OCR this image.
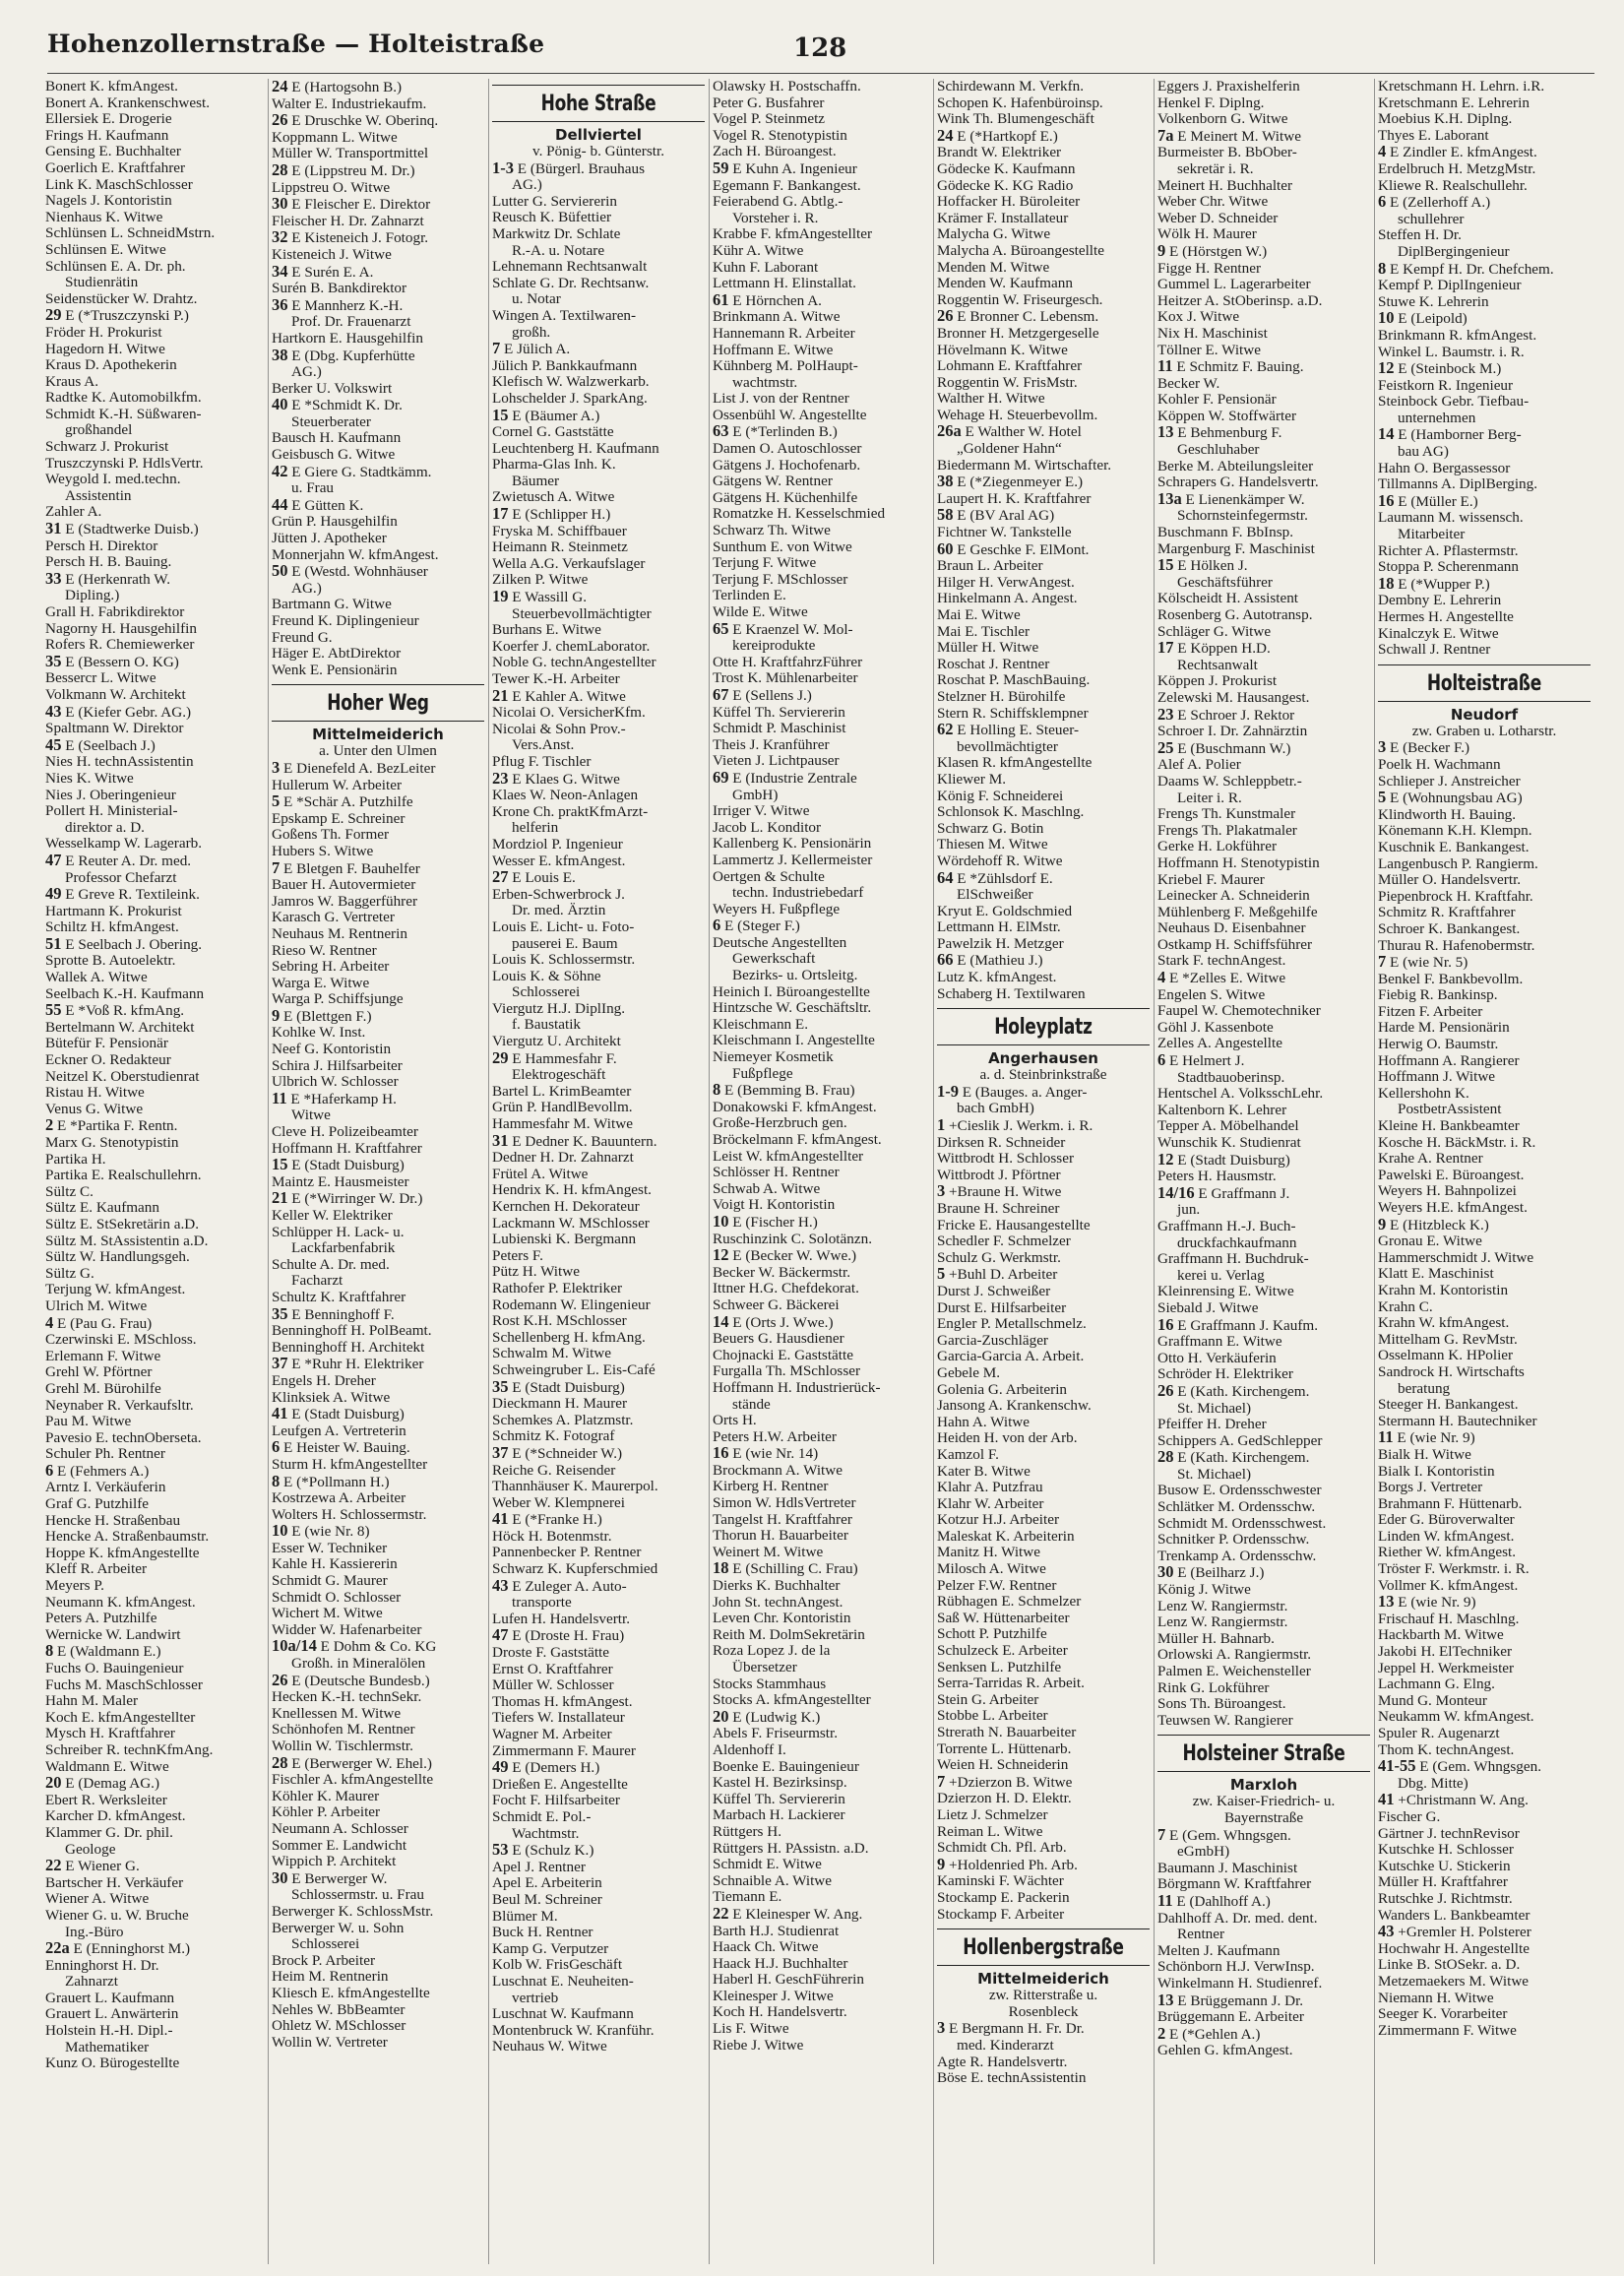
Hohenzollernstraße — Holteistraße	128
Bonert K. kfmAngest.
Bonert A. Krankenschwest.
Ellersiek E. Drogerie
Frings H. Kaufmann
Gensing E. Buchhalter
Goerlich E. Kraftfahrer
Link K. MaschSchlosser
Nagels J. Kontoristin
Nienhaus K. Witwe
Schlünsen L. SchneidMstrn.
Schlünsen E. Witwe
Schlünsen E. A. Dr. ph.
Studienrätin
Seidenstücker W. Drahtz.
29 E (*Truszczynski P.)
Fröder H. Prokurist
Hagedorn H. Witwe
Kraus D. Apothekerin
Kraus A.
Radtke K. Automobilkfm.
Schmidt K.-H. Süßwaren-
großhandel
Schwarz J. Prokurist
Truszczynski P. HdlsVertr.
Weygold I. med.techn.
Assistentin
Zahler A.
31 E (Stadtwerke Duisb.)
Persch H. Direktor
Persch H. B. Bauing.
33 E (Herkenrath W.
Dipling.)
Grall H. Fabrikdirektor
Nagorny H. Hausgehilfin
Rofers R. Chemiewerker
35 E (Bessern O. KG)
Bessercr L. Witwe
Volkmann W. Architekt
43 E (Kiefer Gebr. AG.)
Spaltmann W. Direktor
45 E (Seelbach J.)
Nies H. technAssistentin
Nies K. Witwe
Nies J. Oberingenieur
Pollert H. Ministerial-
direktor a. D.
Wesselkamp W. Lagerarb.
47 E Reuter A. Dr. med.
Professor Chefarzt
49 E Greve R. Textileink.
Hartmann K. Prokurist
Schiltz H. kfmAngest.
51 E Seelbach J. Obering.
Sprotte B. Autoelektr.
Wallek A. Witwe
Seelbach K.-H. Kaufmann
55 E *Voß R. kfmAng.
Bertelmann W. Architekt
Bütefür F. Pensionär
Eckner O. Redakteur
Neitzel K. Oberstudienrat
Ristau H. Witwe
Venus G. Witwe
2 E *Partika F. Rentn.
Marx G. Stenotypistin
Partika H.
Partika E. Realschullehrn.
Sültz C.
Sültz E. Kaufmann
Sültz E. StSekretärin a.D.
Sültz M. StAssistentin a.D.
Sültz W. Handlungsgeh.
Sültz G.
Terjung W. kfmAngest.
Ulrich M. Witwe
4 E (Pau G. Frau)
Czerwinski E. MSchloss.
Erlemann F. Witwe
Grehl W. Pförtner
Grehl M. Bürohilfe
Neynaber R. Verkaufsltr.
Pau M. Witwe
Pavesio E. technOberseta.
Schuler Ph. Rentner
6 E (Fehmers A.)
Arntz I. Verkäuferin
Graf G. Putzhilfe
Hencke H. Straßenbau
Hencke A. Straßenbaumstr.
Hoppe K. kfmAngestellte
Kleff R. Arbeiter
Meyers P.
Neumann K. kfmAngest.
Peters A. Putzhilfe
Wernicke W. Landwirt
8 E (Waldmann E.)
Fuchs O. Bauingenieur
Fuchs M. MaschSchlosser
Hahn M. Maler
Koch E. kfmAngestellter
Mysch H. Kraftfahrer
Schreiber R. technKfmAng.
Waldmann E. Witwe
20 E (Demag AG.)
Ebert R. Werksleiter
Karcher D. kfmAngest.
Klammer G. Dr. phil.
Geologe
22 E Wiener G.
Bartscher H. Verkäufer
Wiener A. Witwe
Wiener G. u. W. Bruche
Ing.-Büro
22a E (Enninghorst M.)
Enninghorst H. Dr.
Zahnarzt
Grauert L. Kaufmann
Grauert L. Anwärterin
Holstein H.-H. Dipl.-
Mathematiker
Kunz O. Bürogestellte
24 E (Hartogsohn B.)
Walter E. Industriekaufm.
26 E Druschke W. Oberinq.
Koppmann L. Witwe
Müller W. Transportmittel
28 E (Lippstreu M. Dr.)
Lippstreu O. Witwe
30 E Fleischer E. Direktor
Fleischer H. Dr. Zahnarzt
32 E Kisteneich J. Fotogr.
Kisteneich J. Witwe
34 E Surén E. A.
Surén B. Bankdirektor
36 E Mannherz K.-H.
Prof. Dr. Frauenarzt
Hartkorn E. Hausgehilfin
38 E (Dbg. Kupferhütte
AG.)
Berker U. Volkswirt
40 E *Schmidt K. Dr.
Steuerberater
Bausch H. Kaufmann
Geisbusch G. Witwe
42 E Giere G. Stadtkämm.
u. Frau
44 E Gütten K.
Grün P. Hausgehilfin
Jütten J. Apotheker
Monnerjahn W. kfmAngest.
50 E (Westd. Wohnhäuser
AG.)
Bartmann G. Witwe
Freund K. Diplingenieur
Freund G.
Häger E. AbtDirektor
Wenk E. Pensionärin
Hoher Weg
Mittelmeiderich
a. Unter den Ulmen
3 E Dienefeld A. BezLeiter
Hullerum W. Arbeiter
5 E *Schär A. Putzhilfe
Epskamp E. Schreiner
Goßens Th. Former
Hubers S. Witwe
7 E Bletgen F. Bauhelfer
Bauer H. Autovermieter
Jamros W. Baggerführer
Karasch G. Vertreter
Neuhaus M. Rentnerin
Rieso W. Rentner
Sebring H. Arbeiter
Warga E. Witwe
Warga P. Schiffsjunge
9 E (Blettgen F.)
Kohlke W. Inst.
Neef G. Kontoristin
Schira J. Hilfsarbeiter
Ulbrich W. Schlosser
11 E *Haferkamp H.
Witwe
Cleve H. Polizeibeamter
Hoffmann H. Kraftfahrer
15 E (Stadt Duisburg)
Maintz E. Hausmeister
21 E (*Wirringer W. Dr.)
Keller W. Elektriker
Schlüpper H. Lack- u.
Lackfarbenfabrik
Schulte A. Dr. med.
Facharzt
Schultz K. Kraftfahrer
35 E Benninghoff F.
Benninghoff H. PolBeamt.
Benninghoff H. Architekt
37 E *Ruhr H. Elektriker
Engels H. Dreher
Klinksiek A. Witwe
41 E (Stadt Duisburg)
Leufgen A. Vertreterin
6 E Heister W. Bauing.
Sturm H. kfmAngestellter
8 E (*Pollmann H.)
Kostrzewa A. Arbeiter
Wolters H. Schlossermstr.
10 E (wie Nr. 8)
Esser W. Techniker
Kahle H. Kassiererin
Schmidt G. Maurer
Schmidt O. Schlosser
Wichert M. Witwe
Widder W. Hafenarbeiter
10a/14 E Dohm & Co. KG
Großh. in Mineralölen
26 E (Deutsche Bundesb.)
Hecken K.-H. technSekr.
Knellessen M. Witwe
Schönhofen M. Rentner
Wollin W. Tischlermstr.
28 E (Berwerger W. Ehel.)
Fischler A. kfmAngestellte
Köhler K. Maurer
Köhler P. Arbeiter
Neumann A. Schlosser
Sommer E. Landwicht
Wippich P. Architekt
30 E Berwerger W.
Schlossermstr. u. Frau
Berwerger K. SchlossMstr.
Berwerger W. u. Sohn
Schlosserei
Brock P. Arbeiter
Heim M. Rentnerin
Kliesch E. kfmAngestellte
Nehles W. BbBeamter
Ohletz W. MSchlosser
Wollin W. Vertreter
Hohe Straße
Dellviertel
v. Pönig- b. Günterstr.
1-3 E (Bürgerl. Brauhaus
AG.)
Lutter G. Serviererin
Reusch K. Büfettier
Markwitz Dr. Schlate
R.-A. u. Notare
Lehnemann Rechtsanwalt
Schlate G. Dr. Rechtsanw.
u. Notar
Wingen A. Textilwaren-
großh.
7 E Jülich A.
Jülich P. Bankkaufmann
Klefisch W. Walzwerkarb.
Lohschelder J. SparkAng.
15 E (Bäumer A.)
Cornel G. Gaststätte
Leuchtenberg H. Kaufmann
Pharma-Glas Inh. K.
Bäumer
Zwietusch A. Witwe
17 E (Schlipper H.)
Fryska M. Schiffbauer
Heimann R. Steinmetz
Wella A.G. Verkaufslager
Zilken P. Witwe
19 E Wassill G.
Steuerbevollmächtigter
Burhans E. Witwe
Koerfer J. chemLaborator.
Noble G. technAngestellter
Tewer K.-H. Arbeiter
21 E Kahler A. Witwe
Nicolai O. VersicherKfm.
Nicolai & Sohn Prov.-
Vers.Anst.
Pflug F. Tischler
23 E Klaes G. Witwe
Klaes W. Neon-Anlagen
Krone Ch. praktKfmArzt-
helferin
Mordziol P. Ingenieur
Wesser E. kfmAngest.
27 E Louis E.
Erben-Schwerbrock J.
Dr. med. Ärztin
Louis E. Licht- u. Foto-
pauserei E. Baum
Louis K. Schlossermstr.
Louis K. & Söhne
Schlosserei
Viergutz H.J. DiplIng.
f. Baustatik
Viergutz U. Architekt
29 E Hammesfahr F.
Elektrogeschäft
Bartel L. KrimBeamter
Grün P. HandlBevollm.
Hammesfahr M. Witwe
31 E Dedner K. Bauuntern.
Dedner H. Dr. Zahnarzt
Frütel A. Witwe
Hendrix K. H. kfmAngest.
Kernchen H. Dekorateur
Lackmann W. MSchlosser
Lubienski K. Bergmann
Peters F.
Pütz H. Witwe
Rathofer P. Elektriker
Rodemann W. Elingenieur
Rost K.H. MSchlosser
Schellenberg H. kfmAng.
Schwalm M. Witwe
Schweingruber L. Eis-Café
35 E (Stadt Duisburg)
Dieckmann H. Maurer
Schemkes A. Platzmstr.
Schmitz K. Fotograf
37 E (*Schneider W.)
Reiche G. Reisender
Thannhäuser K. Maurerpol.
Weber W. Klempnerei
41 E (*Franke H.)
Höck H. Botenmstr.
Pannenbecker P. Rentner
Schwarz K. Kupferschmied
43 E Zuleger A. Auto-
transporte
Lufen H. Handelsvertr.
47 E (Droste H. Frau)
Droste F. Gaststätte
Ernst O. Kraftfahrer
Müller W. Schlosser
Thomas H. kfmAngest.
Tiefers W. Installateur
Wagner M. Arbeiter
Zimmermann F. Maurer
49 E (Demers H.)
Drießen E. Angestellte
Focht F. Hilfsarbeiter
Schmidt E. Pol.-
Wachtmstr.
53 E (Schulz K.)
Apel J. Rentner
Apel E. Arbeiterin
Beul M. Schreiner
Blümer M.
Buck H. Rentner
Kamp G. Verputzer
Kolb W. FrisGeschäft
Luschnat E. Neuheiten-
vertrieb
Luschnat W. Kaufmann
Montenbruck W. Kranführ.
Neuhaus W. Witwe
Olawsky H. Postschaffn.
Peter G. Busfahrer
Vogel P. Steinmetz
Vogel R. Stenotypistin
Zach H. Büroangest.
59 E Kuhn A. Ingenieur
Egemann F. Bankangest.
Feierabend G. Abtlg.-
Vorsteher i. R.
Krabbe F. kfmAngestellter
Kühr A. Witwe
Kuhn F. Laborant
Lettmann H. Elinstallat.
61 E Hörnchen A.
Brinkmann A. Witwe
Hannemann R. Arbeiter
Hoffmann E. Witwe
Kühnberg M. PolHaupt-
wachtmstr.
List J. von der Rentner
Ossenbühl W. Angestellte
63 E (*Terlinden B.)
Damen O. Autoschlosser
Gätgens J. Hochofenarb.
Gätgens W. Rentner
Gätgens H. Küchenhilfe
Romatzke H. Kesselschmied
Schwarz Th. Witwe
Sunthum E. von Witwe
Terjung F. Witwe
Terjung F. MSchlosser
Terlinden E.
Wilde E. Witwe
65 E Kraenzel W. Mol-
kereiprodukte
Otte H. KraftfahrzFührer
Trost K. Mühlenarbeiter
67 E (Sellens J.)
Küffel Th. Serviererin
Schmidt P. Maschinist
Theis J. Kranführer
Vieten J. Lichtpauser
69 E (Industrie Zentrale
GmbH)
Irriger V. Witwe
Jacob L. Konditor
Kallenberg K. Pensionärin
Lammertz J. Kellermeister
Oertgen & Schulte
techn. Industriebedarf
Weyers H. Fußpflege
6 E (Steger F.)
Deutsche Angestellten
Gewerkschaft
Bezirks- u. Ortsleitg.
Heinich I. Büroangestellte
Hintzsche W. Geschäftsltr.
Kleischmann E.
Kleischmann I. Angestellte
Niemeyer Kosmetik
Fußpflege
8 E (Bemming B. Frau)
Donakowski F. kfmAngest.
Große-Herzbruch gen.
Bröckelmann F. kfmAngest.
Leist W. kfmAngestellter
Schlösser H. Rentner
Schwab A. Witwe
Voigt H. Kontoristin
10 E (Fischer H.)
Ruschinzink C. Solotänzn.
12 E (Becker W. Wwe.)
Becker W. Bäckermstr.
Ittner H.G. Chefdekorat.
Schweer G. Bäckerei
14 E (Orts J. Wwe.)
Beuers G. Hausdiener
Chojnacki E. Gaststätte
Furgalla Th. MSchlosser
Hoffmann H. Industrierück-
stände
Orts H.
Peters H.W. Arbeiter
16 E (wie Nr. 14)
Brockmann A. Witwe
Kirberg H. Rentner
Simon W. HdlsVertreter
Tangelst H. Kraftfahrer
Thorun H. Bauarbeiter
Weinert M. Witwe
18 E (Schilling C. Frau)
Dierks K. Buchhalter
John St. technAngest.
Leven Chr. Kontoristin
Reith M. DolmSekretärin
Roza Lopez J. de la
Übersetzer
Stocks Stammhaus
Stocks A. kfmAngestellter
20 E (Ludwig K.)
Abels F. Friseurmstr.
Aldenhoff I.
Boenke E. Bauingenieur
Kastel H. Bezirksinsp.
Küffel Th. Serviererin
Marbach H. Lackierer
Rüttgers H.
Rüttgers H. PAssistn. a.D.
Schmidt E. Witwe
Schnaible A. Witwe
Tiemann E.
22 E Kleinesper W. Ang.
Barth H.J. Studienrat
Haack Ch. Witwe
Haack H.J. Buchhalter
Haberl H. GeschFührerin
Kleinesper J. Witwe
Koch H. Handelsvertr.
Lis F. Witwe
Riebe J. Witwe
Schirdewann M. Verkfn.
Schopen K. Hafenbüroinsp.
Wink Th. Blumengeschäft
24 E (*Hartkopf E.)
Brandt W. Elektriker
Gödecke K. Kaufmann
Gödecke K. KG Radio
Hoffacker H. Büroleiter
Krämer F. Installateur
Malycha G. Witwe
Malycha A. Büroangestellte
Menden M. Witwe
Menden W. Kaufmann
Roggentin W. Friseurgesch.
26 E Bronner C. Lebensm.
Bronner H. Metzgergeselle
Hövelmann K. Witwe
Lohmann E. Kraftfahrer
Roggentin W. FrisMstr.
Walther H. Witwe
Wehage H. Steuerbevollm.
26a E Walther W. Hotel
„Goldener Hahn“
Biedermann M. Wirtschafter.
38 E (*Ziegenmeyer E.)
Laupert H. K. Kraftfahrer
58 E (BV Aral AG)
Fichtner W. Tankstelle
60 E Geschke F. ElMont.
Braun L. Arbeiter
Hilger H. VerwAngest.
Hinkelmann A. Angest.
Mai E. Witwe
Mai E. Tischler
Müller H. Witwe
Roschat J. Rentner
Roschat P. MaschBauing.
Stelzner H. Bürohilfe
Stern R. Schiffsklempner
62 E Holling E. Steuer-
bevollmächtigter
Klasen R. kfmAngestellte
Kliewer M.
König F. Schneiderei
Schlonsok K. Maschlng.
Schwarz G. Botin
Thiesen M. Witwe
Wördehoff R. Witwe
64 E *Zühlsdorf E.
ElSchweißer
Kryut E. Goldschmied
Lettmann H. ElMstr.
Pawelzik H. Metzger
66 E (Mathieu J.)
Lutz K. kfmAngest.
Schaberg H. Textilwaren
Holeyplatz
Angerhausen
a. d. Steinbrinkstraße
1-9 E (Bauges. a. Anger-
bach GmbH)
1 +Cieslik J. Werkm. i. R.
Dirksen R. Schneider
Wittbrodt H. Schlosser
Wittbrodt J. Pförtner
3 +Braune H. Witwe
Braune H. Schreiner
Fricke E. Hausangestellte
Schedler F. Schmelzer
Schulz G. Werkmstr.
5 +Buhl D. Arbeiter
Durst J. Schweißer
Durst E. Hilfsarbeiter
Engler P. Metallschmelz.
Garcia-Zuschläger
Garcia-Garcia A. Arbeit.
Gebele M.
Golenia G. Arbeiterin
Jansong A. Krankenschw.
Hahn A. Witwe
Heiden H. von der Arb.
Kamzol F.
Kater B. Witwe
Klahr A. Putzfrau
Klahr W. Arbeiter
Kotzur H.J. Arbeiter
Maleskat K. Arbeiterin
Manitz H. Witwe
Milosch A. Witwe
Pelzer F.W. Rentner
Rübhagen E. Schmelzer
Saß W. Hüttenarbeiter
Schott P. Putzhilfe
Schulzeck E. Arbeiter
Senksen L. Putzhilfe
Serra-Tarridas R. Arbeit.
Stein G. Arbeiter
Stobbe L. Arbeiter
Strerath N. Bauarbeiter
Torrente L. Hüttenarb.
Weien H. Schneiderin
7 +Dzierzon B. Witwe
Dzierzon H. D. Elektr.
Lietz J. Schmelzer
Reiman L. Witwe
Schmidt Ch. Pfl. Arb.
9 +Holdenried Ph. Arb.
Kaminski F. Wächter
Stockamp E. Packerin
Stockamp F. Arbeiter
Hollenbergstraße
Mittelmeiderich
zw. Ritterstraße u.
Rosenbleck
3 E Bergmann H. Fr. Dr.
med. Kinderarzt
Agte R. Handelsvertr.
Böse E. technAssistentin
Eggers J. Praxishelferin
Henkel F. Diplng.
Volkenborn G. Witwe
7a E Meinert M. Witwe
Burmeister B. BbOber-
sekretär i. R.
Meinert H. Buchhalter
Weber Chr. Witwe
Weber D. Schneider
Wölk H. Maurer
9 E (Hörstgen W.)
Figge H. Rentner
Gummel L. Lagerarbeiter
Heitzer A. StOberinsp. a.D.
Kox J. Witwe
Nix H. Maschinist
Töllner E. Witwe
11 E Schmitz F. Bauing.
Becker W.
Kohler F. Pensionär
Köppen W. Stoffwärter
13 E Behmenburg F.
Geschluhaber
Berke M. Abteilungsleiter
Schrapers G. Handelsvertr.
13a E Lienenkämper W.
Schornsteinfegermstr.
Buschmann F. BbInsp.
Margenburg F. Maschinist
15 E Hölken J.
Geschäftsführer
Kölscheidt H. Assistent
Rosenberg G. Autotransp.
Schläger G. Witwe
17 E Köppen H.D.
Rechtsanwalt
Köppen J. Prokurist
Zelewski M. Hausangest.
23 E Schroer J. Rektor
Schroer I. Dr. Zahnärztin
25 E (Buschmann W.)
Alef A. Polier
Daams W. Schleppbetr.-
Leiter i. R.
Frengs Th. Kunstmaler
Frengs Th. Plakatmaler
Gerke H. Lokführer
Hoffmann H. Stenotypistin
Kriebel F. Maurer
Leinecker A. Schneiderin
Mühlenberg F. Meßgehilfe
Neuhaus D. Eisenbahner
Ostkamp H. Schiffsführer
Stark F. technAngest.
4 E *Zelles E. Witwe
Engelen S. Witwe
Faupel W. Chemotechniker
Göhl J. Kassenbote
Zelles A. Angestellte
6 E Helmert J.
Stadtbauoberinsp.
Hentschel A. VolksschLehr.
Kaltenborn K. Lehrer
Tepper A. Möbelhandel
Wunschik K. Studienrat
12 E (Stadt Duisburg)
Peters H. Hausmstr.
14/16 E Graffmann J.
jun.
Graffmann H.-J. Buch-
druckfachkaufmann
Graffmann H. Buchdruk-
kerei u. Verlag
Kleinrensing E. Witwe
Siebald J. Witwe
16 E Graffmann J. Kaufm.
Graffmann E. Witwe
Otto H. Verkäuferin
Schröder H. Elektriker
26 E (Kath. Kirchengem.
St. Michael)
Pfeiffer H. Dreher
Schippers A. GedSchlepper
28 E (Kath. Kirchengem.
St. Michael)
Busow E. Ordensschwester
Schlätker M. Ordensschw.
Schmidt M. Ordensschwest.
Schnitker P. Ordensschw.
Trenkamp A. Ordensschw.
30 E (Beilharz J.)
König J. Witwe
Lenz W. Rangiermstr.
Lenz W. Rangiermstr.
Müller H. Bahnarb.
Orlowski A. Rangiermstr.
Palmen E. Weichensteller
Rink G. Lokführer
Sons Th. Büroangest.
Teuwsen W. Rangierer
Holsteiner Straße
Marxloh
zw. Kaiser-Friedrich- u.
Bayernstraße
7 E (Gem. Whngsgen.
eGmbH)
Baumann J. Maschinist
Börgmann W. Kraftfahrer
11 E (Dahlhoff A.)
Dahlhoff A. Dr. med. dent.
Rentner
Melten J. Kaufmann
Schönborn H.J. VerwInsp.
Winkelmann H. Studienref.
13 E Brüggemann J. Dr.
Brüggemann E. Arbeiter
2 E (*Gehlen A.)
Gehlen G. kfmAngest.
Kretschmann H. Lehrn. i.R.
Kretschmann E. Lehrerin
Moebius K.H. Diplng.
Thyes E. Laborant
4 E Zindler E. kfmAngest.
Erdelbruch H. MetzgMstr.
Kliewe R. Realschullehr.
6 E (Zellerhoff A.)
schullehrer
Steffen H. Dr.
DiplBergingenieur
8 E Kempf H. Dr. Chefchem.
Kempf P. DiplIngenieur
Stuwe K. Lehrerin
10 E (Leipold)
Brinkmann R. kfmAngest.
Winkel L. Baumstr. i. R.
12 E (Steinbock M.)
Feistkorn R. Ingenieur
Steinbock Gebr. Tiefbau-
unternehmen
14 E (Hamborner Berg-
bau AG)
Hahn O. Bergassessor
Tillmanns A. DiplBerging.
16 E (Müller E.)
Laumann M. wissensch.
Mitarbeiter
Richter A. Pflastermstr.
Stoppa P. Scherenmann
18 E (*Wupper P.)
Dembny E. Lehrerin
Hermes H. Angestellte
Kinalczyk E. Witwe
Schwall J. Rentner
Holteistraße
Neudorf
zw. Graben u. Lotharstr.
3 E (Becker F.)
Poelk H. Wachmann
Schlieper J. Anstreicher
5 E (Wohnungsbau AG)
Klindworth H. Bauing.
Könemann K.H. Klempn.
Kuschnik E. Bankangest.
Langenbusch P. Rangierm.
Müller O. Handelsvertr.
Piepenbrock H. Kraftfahr.
Schmitz R. Kraftfahrer
Schroer K. Bankangest.
Thurau R. Hafenobermstr.
7 E (wie Nr. 5)
Benkel F. Bankbevollm.
Fiebig R. Bankinsp.
Fitzen F. Arbeiter
Harde M. Pensionärin
Herwig O. Baumstr.
Hoffmann A. Rangierer
Hoffmann J. Witwe
Kellershohn K.
PostbetrAssistent
Kleine H. Bankbeamter
Kosche H. BäckMstr. i. R.
Krahe A. Rentner
Pawelski E. Büroangest.
Weyers H. Bahnpolizei
Weyers H.E. kfmAngest.
9 E (Hitzbleck K.)
Gronau E. Witwe
Hammerschmidt J. Witwe
Klatt E. Maschinist
Krahn M. Kontoristin
Krahn C.
Krahn W. kfmAngest.
Mittelham G. RevMstr.
Osselmann K. HPolier
Sandrock H. Wirtschafts
beratung
Steeger H. Bankangest.
Stermann H. Bautechniker
11 E (wie Nr. 9)
Bialk H. Witwe
Bialk I. Kontoristin
Borgs J. Vertreter
Brahmann F. Hüttenarb.
Eder G. Büroverwalter
Linden W. kfmAngest.
Riether W. kfmAngest.
Tröster F. Werkmstr. i. R.
Vollmer K. kfmAngest.
13 E (wie Nr. 9)
Frischauf H. Maschlng.
Hackbarth M. Witwe
Jakobi H. ElTechniker
Jeppel H. Werkmeister
Lachmann G. Elng.
Mund G. Monteur
Neukamm W. kfmAngest.
Spuler R. Augenarzt
Thom K. technAngest.
41-55 E (Gem. Whngsgen.
Dbg. Mitte)
41 +Christmann W. Ang.
Fischer G.
Gärtner J. technRevisor
Kutschke H. Schlosser
Kutschke U. Stickerin
Müller H. Kraftfahrer
Rutschke J. Richtmstr.
Wanders L. Bankbeamter
43 +Gremler H. Polsterer
Hochwahr H. Angestellte
Linke B. StOSekr. a. D.
Metzemaekers M. Witwe
Niemann H. Witwe
Seeger K. Vorarbeiter
Zimmermann F. Witwe
